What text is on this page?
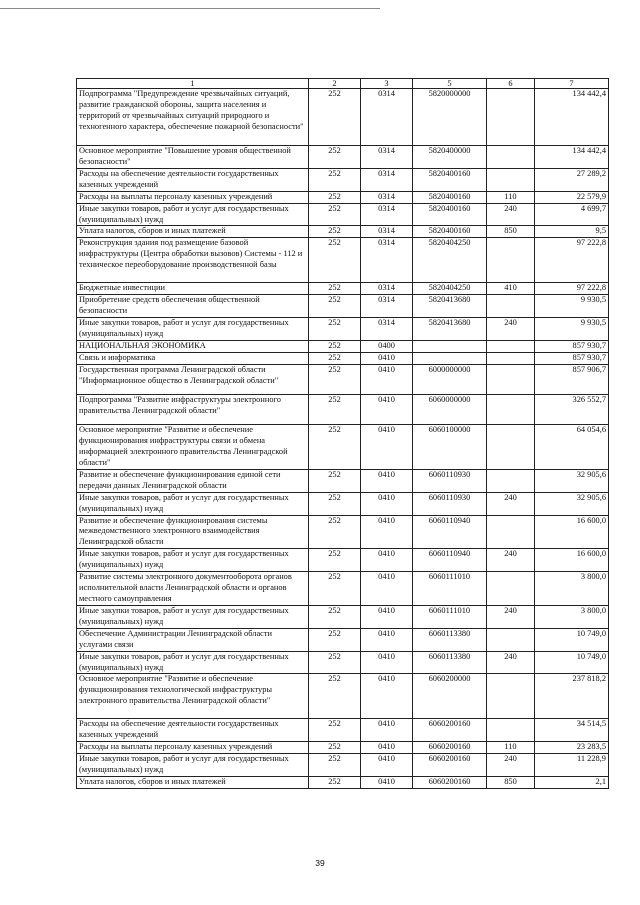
1	2	3	5	6	7
Подпрограмма "Предупреждение чрезвычайных ситуаций, развитие гражданской обороны, защита населения и территорий от чрезвычайных ситуаций природного и техногенного характера, обеспечение пожарной безопасности"	252	0314	5820000000		134 442,4
Основное мероприятие "Повышение уровня общественной безопасности"	252	0314	5820400000		134 442,4
Расходы на обеспечение деятельности государственных казенных учреждений	252	0314	5820400160		27 289,2
Расходы на выплаты персоналу казенных учреждений	252	0314	5820400160	110	22 579,9
Иные закупки товаров, работ и услуг для государственных (муниципальных) нужд	252	0314	5820400160	240	4 699,7
Уплата налогов, сборов и иных платежей	252	0314	5820400160	850	9,5
Реконструкция здания под размещение базовой инфраструктуры (Центра обработки вызовов) Системы - 112 и техническое переоборудование производственной базы	252	0314	5820404250		97 222,8
Бюджетные инвестиции	252	0314	5820404250	410	97 222,8
Приобретение средств обеспечения общественной безопасности	252	0314	5820413680		9 930,5
Иные закупки товаров, работ и услуг для государственных (муниципальных) нужд	252	0314	5820413680	240	9 930,5
НАЦИОНАЛЬНАЯ ЭКОНОМИКА	252	0400			857 930,7
Связь и информатика	252	0410			857 930,7
Государственная программа Ленинградской области "Информационное общество в Ленинградской области"	252	0410	6000000000		857 906,7
Подпрограмма "Развитие инфраструктуры электронного правительства Ленинградской области"	252	0410	6060000000		326 552,7
Основное мероприятие "Развитие и обеспечение функционирования инфраструктуры связи и обмена информацией электронного правительства Ленинградской области"	252	0410	6060100000		64 054,6
Развитие и обеспечение функционирования единой сети передачи данных Ленинградской области	252	0410	6060110930		32 905,6
Иные закупки товаров, работ и услуг для государственных (муниципальных) нужд	252	0410	6060110930	240	32 905,6
Развитие и обеспечение функционирования системы межведомственного электронного взаимодействия Ленинградской области	252	0410	6060110940		16 600,0
Иные закупки товаров, работ и услуг для государственных (муниципальных) нужд	252	0410	6060110940	240	16 600,0
Развитие системы электронного документооборота органов исполнительной власти Ленинградской области и органов местного самоуправления	252	0410	6060111010		3 800,0
Иные закупки товаров, работ и услуг для государственных (муниципальных) нужд	252	0410	6060111010	240	3 800,0
Обеспечение Администрации Ленинградской области услугами связи	252	0410	6060113380		10 749,0
Иные закупки товаров, работ и услуг для государственных (муниципальных) нужд	252	0410	6060113380	240	10 749,0
Основное мероприятие "Развитие и обеспечение функционирования технологической инфраструктуры электронного правительства Ленинградской области"	252	0410	6060200000		237 818,2
Расходы на обеспечение деятельности государственных казенных учреждений	252	0410	6060200160		34 514,5
Расходы на выплаты персоналу казенных учреждений	252	0410	6060200160	110	23 283,5
Иные закупки товаров, работ и услуг для государственных (муниципальных) нужд	252	0410	6060200160	240	11 228,9
Уплата налогов, сборов и иных платежей	252	0410	6060200160	850	2,1
39
